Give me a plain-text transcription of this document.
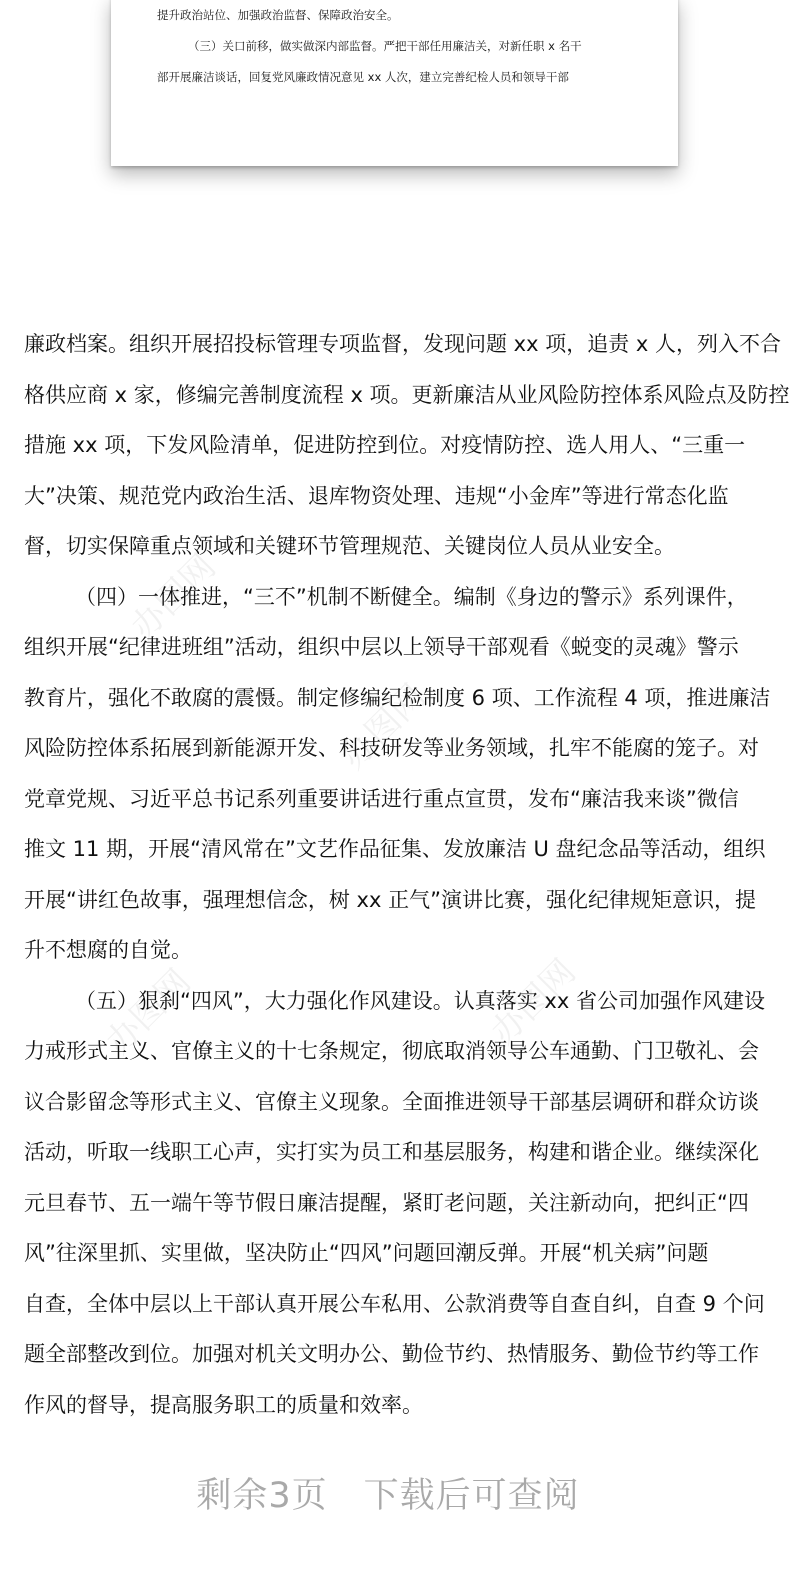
提升政治站位、加强政治监督、保障政治安全。
（三）关口前移，做实做深内部监督。严把干部任用廉洁关，对新任职 x 名干
部开展廉洁谈话，回复党风廉政情况意见 xx 人次，建立完善纪检人员和领导干部
办图网
办图网
办图网	办图网
廉政档案。组织开展招投标管理专项监督，发现问题 xx 项，追责 x 人，列入不合
格供应商 x 家，修编完善制度流程 x 项。更新廉洁从业风险防控体系风险点及防控
措施 xx 项，下发风险清单，促进防控到位。对疫情防控、选人用人、“三重一
大”决策、规范党内政治生活、退库物资处理、违规“小金库”等进行常态化监
督，切实保障重点领域和关键环节管理规范、关键岗位人员从业安全。
（四）一体推进，“三不”机制不断健全。编制《身边的警示》系列课件，
组织开展“纪律进班组”活动，组织中层以上领导干部观看《蜕变的灵魂》警示
教育片，强化不敢腐的震慑。制定修编纪检制度 6 项、工作流程 4 项，推进廉洁
风险防控体系拓展到新能源开发、科技研发等业务领域，扎牢不能腐的笼子。对
党章党规、习近平总书记系列重要讲话进行重点宣贯，发布“廉洁我来谈”微信
推文 11 期，开展“清风常在”文艺作品征集、发放廉洁 U 盘纪念品等活动，组织
开展“讲红色故事，强理想信念，树 xx 正气”演讲比赛，强化纪律规矩意识，提
升不想腐的自觉。
（五）狠刹“四风”，大力强化作风建设。认真落实 xx 省公司加强作风建设
力戒形式主义、官僚主义的十七条规定，彻底取消领导公车通勤、门卫敬礼、会
议合影留念等形式主义、官僚主义现象。全面推进领导干部基层调研和群众访谈
活动，听取一线职工心声，实打实为员工和基层服务，构建和谐企业。继续深化
元旦春节、五一端午等节假日廉洁提醒，紧盯老问题，关注新动向，把纠正“四
风”往深里抓、实里做，坚决防止“四风”问题回潮反弹。开展“机关病”问题
自查，全体中层以上干部认真开展公车私用、公款消费等自查自纠，自查 9 个问
题全部整改到位。加强对机关文明办公、勤俭节约、热情服务、勤俭节约等工作
作风的督导，提高服务职工的质量和效率。
剩余3页 下载后可查阅
